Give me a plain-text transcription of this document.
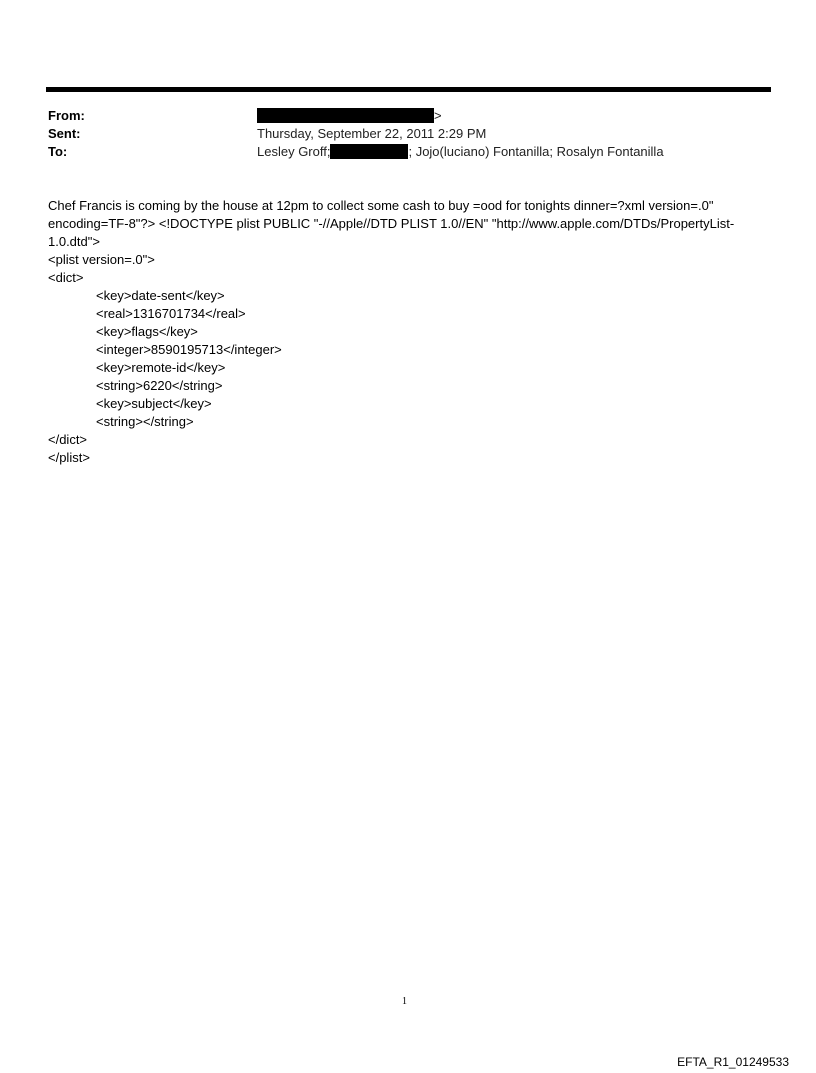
From:	>
Sent:	Thursday, September 22, 2011 2:29 PM
To:	Lesley Groff;	; Jojo(luciano) Fontanilla; Rosalyn Fontanilla
Chef Francis is coming by the house at 12pm to collect some cash to buy =ood for tonights dinner=?xml version=.0"
encoding=TF-8"?> <!DOCTYPE plist PUBLIC "-//Apple//DTD PLIST 1.0//EN" "http://www.apple.com/DTDs/PropertyList-
1.0.dtd">
<plist version=.0">
<dict>
<key>date-sent</key>
<real>1316701734</real>
<key>flags</key>
<integer>8590195713</integer>
<key>remote-id</key>
<string>6220</string>
<key>subject</key>
<string></string>
</dict>
</plist>
1
EFTA_R1_01249533
